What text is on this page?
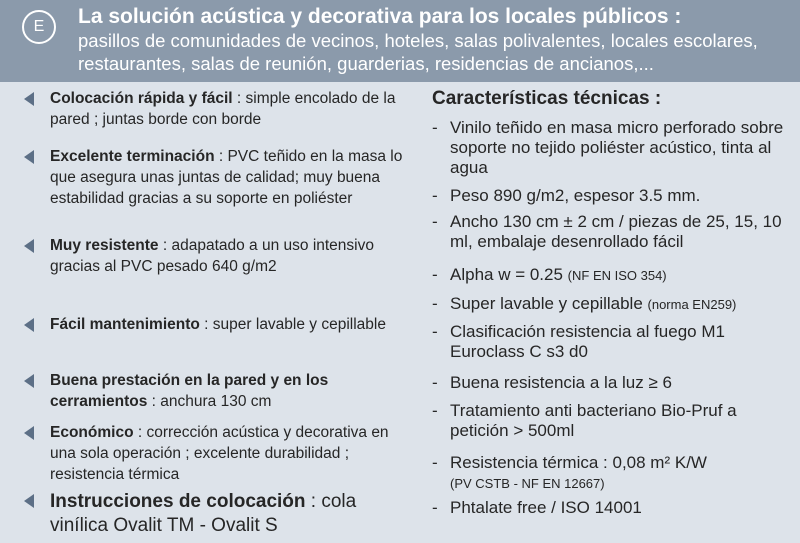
E	La solución acústica y decorativa para los locales públicos :
pasillos de comunidades de vecinos, hoteles, salas polivalentes, locales escolares, restaurantes, salas de reunión, guarderias, residencias de ancianos,...
Colocación rápida y fácil : simple encolado de la pared ; juntas borde con borde
Excelente terminación : PVC teñido en la masa lo que asegura unas juntas de calidad; muy buena estabilidad gracias a su soporte en poliéster
Muy resistente : adapatado a un uso intensivo gracias al PVC pesado 640 g/m2
Fácil mantenimiento : super lavable y cepillable
Buena prestación en la pared y en los cerramientos : anchura 130 cm
Económico : corrección acústica y decorativa en una sola operación ; excelente durabilidad ; resistencia térmica
Instrucciones de colocación : cola vinílica Ovalit TM - Ovalit S
Características técnicas :
- Vinilo teñido en masa micro perforado sobre soporte no tejido poliéster acústico, tinta al agua
- Peso 890 g/m2, espesor 3.5 mm.
- Ancho 130 cm ± 2 cm / piezas de 25, 15, 10 ml, embalaje desenrollado fácil
- Alpha w = 0.25 (NF EN ISO 354)
- Super lavable y cepillable (norma EN259)
- Clasificación resistencia al fuego M1 Euroclass C s3 d0
- Buena resistencia a la luz ≥ 6
- Tratamiento anti bacteriano Bio-Pruf a petición > 500ml
- Resistencia térmica : 0,08 m² K/W
(PV CSTB - NF EN 12667)
- Phtalate free / ISO 14001
